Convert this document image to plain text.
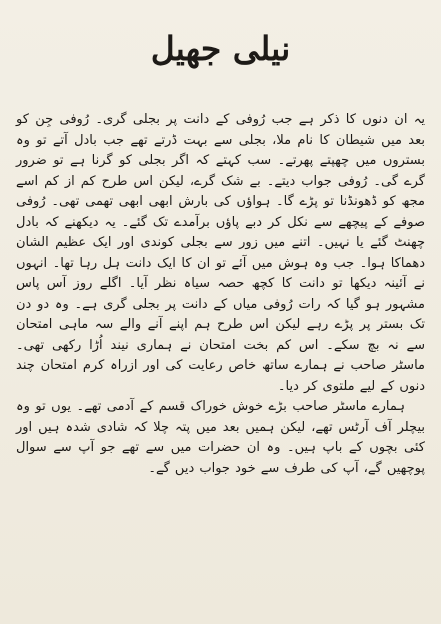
نیلی جھیل

یہ ان دنوں کا ذکر ہے جب رُوفی کے دانت پر بجلی گری۔ رُوفی جِن کو بعد میں شیطان کا نام ملا، بجلی سے بہت ڈرتے تھے جب بادل آتے تو وہ بستروں میں چھپتے پھرتے۔ سب کہتے کہ اگر بجلی کو گرنا ہے تو ضرور گرے گی۔ رُوفی جواب دیتے۔ بے شک گرے، لیکن اس طرح کم از کم اسے مجھ کو ڈھونڈنا تو پڑے گا۔ ہواؤں کی بارش ابھی ابھی تھمی تھی۔ رُوفی صوفے کے پیچھے سے نکل کر دبے پاؤں برآمدے تک گئے۔ یہ دیکھنے کہ بادل چھنٹ گئے یا نہیں۔ اتنے میں زور سے بجلی کوندی اور ایک عظیم الشان دھماکا ہوا۔ جب وہ ہوش میں آئے تو ان کا ایک دانت ہل رہا تھا۔ انہوں نے آئینہ دیکھا تو دانت کا کچھ حصہ سیاہ نظر آیا۔ اگلے روز آس پاس مشہور ہو گیا کہ رات رُوفی میاں کے دانت پر بجلی گری ہے۔ وہ دو دن تک بستر پر پڑے رہے لیکن اس طرح ہم اپنے آنے والے سہ ماہی امتحان سے نہ بچ سکے۔ اس کم بخت امتحان نے ہماری نیند اُڑا رکھی تھی۔ ماسٹر صاحب نے ہمارے ساتھ خاص رعایت کی اور ازراہ کرم امتحان چند دنوں کے لیے ملتوی کر دیا۔

ہمارے ماسٹر صاحب بڑے خوش خوراک قسم کے آدمی تھے۔ یوں تو وہ بیچلر آف آرٹس تھے، لیکن ہمیں بعد میں پتہ چلا کہ شادی شدہ ہیں اور کئی بچوں کے باپ ہیں۔ وہ ان حضرات میں سے تھے جو آپ سے سوال پوچھیں گے، آپ کی طرف سے خود جواب دیں گے۔
